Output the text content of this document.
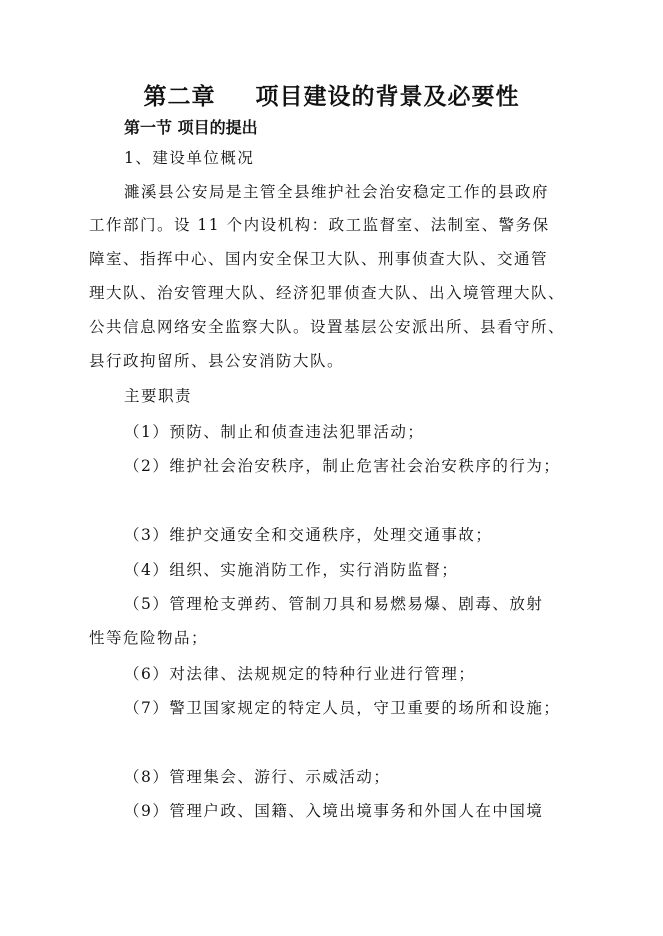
第二章 项目建设的背景及必要性
第一节 项目的提出
1、建设单位概况
濉溪县公安局是主管全县维护社会治安稳定工作的县政府
工作部门。设 11 个内设机构：政工监督室、法制室、警务保
障室、指挥中心、国内安全保卫大队、刑事侦查大队、交通管
理大队、治安管理大队、经济犯罪侦查大队、出入境管理大队、
公共信息网络安全监察大队。设置基层公安派出所、县看守所、
县行政拘留所、县公安消防大队。
主要职责
（1）预防、制止和侦查违法犯罪活动；
（2）维护社会治安秩序，制止危害社会治安秩序的行为；
（3）维护交通安全和交通秩序，处理交通事故；
（4）组织、实施消防工作，实行消防监督；
（5）管理枪支弹药、管制刀具和易燃易爆、剧毒、放射
性等危险物品；
（6）对法律、法规规定的特种行业进行管理；
（7）警卫国家规定的特定人员，守卫重要的场所和设施；
（8）管理集会、游行、示威活动；
（9）管理户政、国籍、入境出境事务和外国人在中国境
